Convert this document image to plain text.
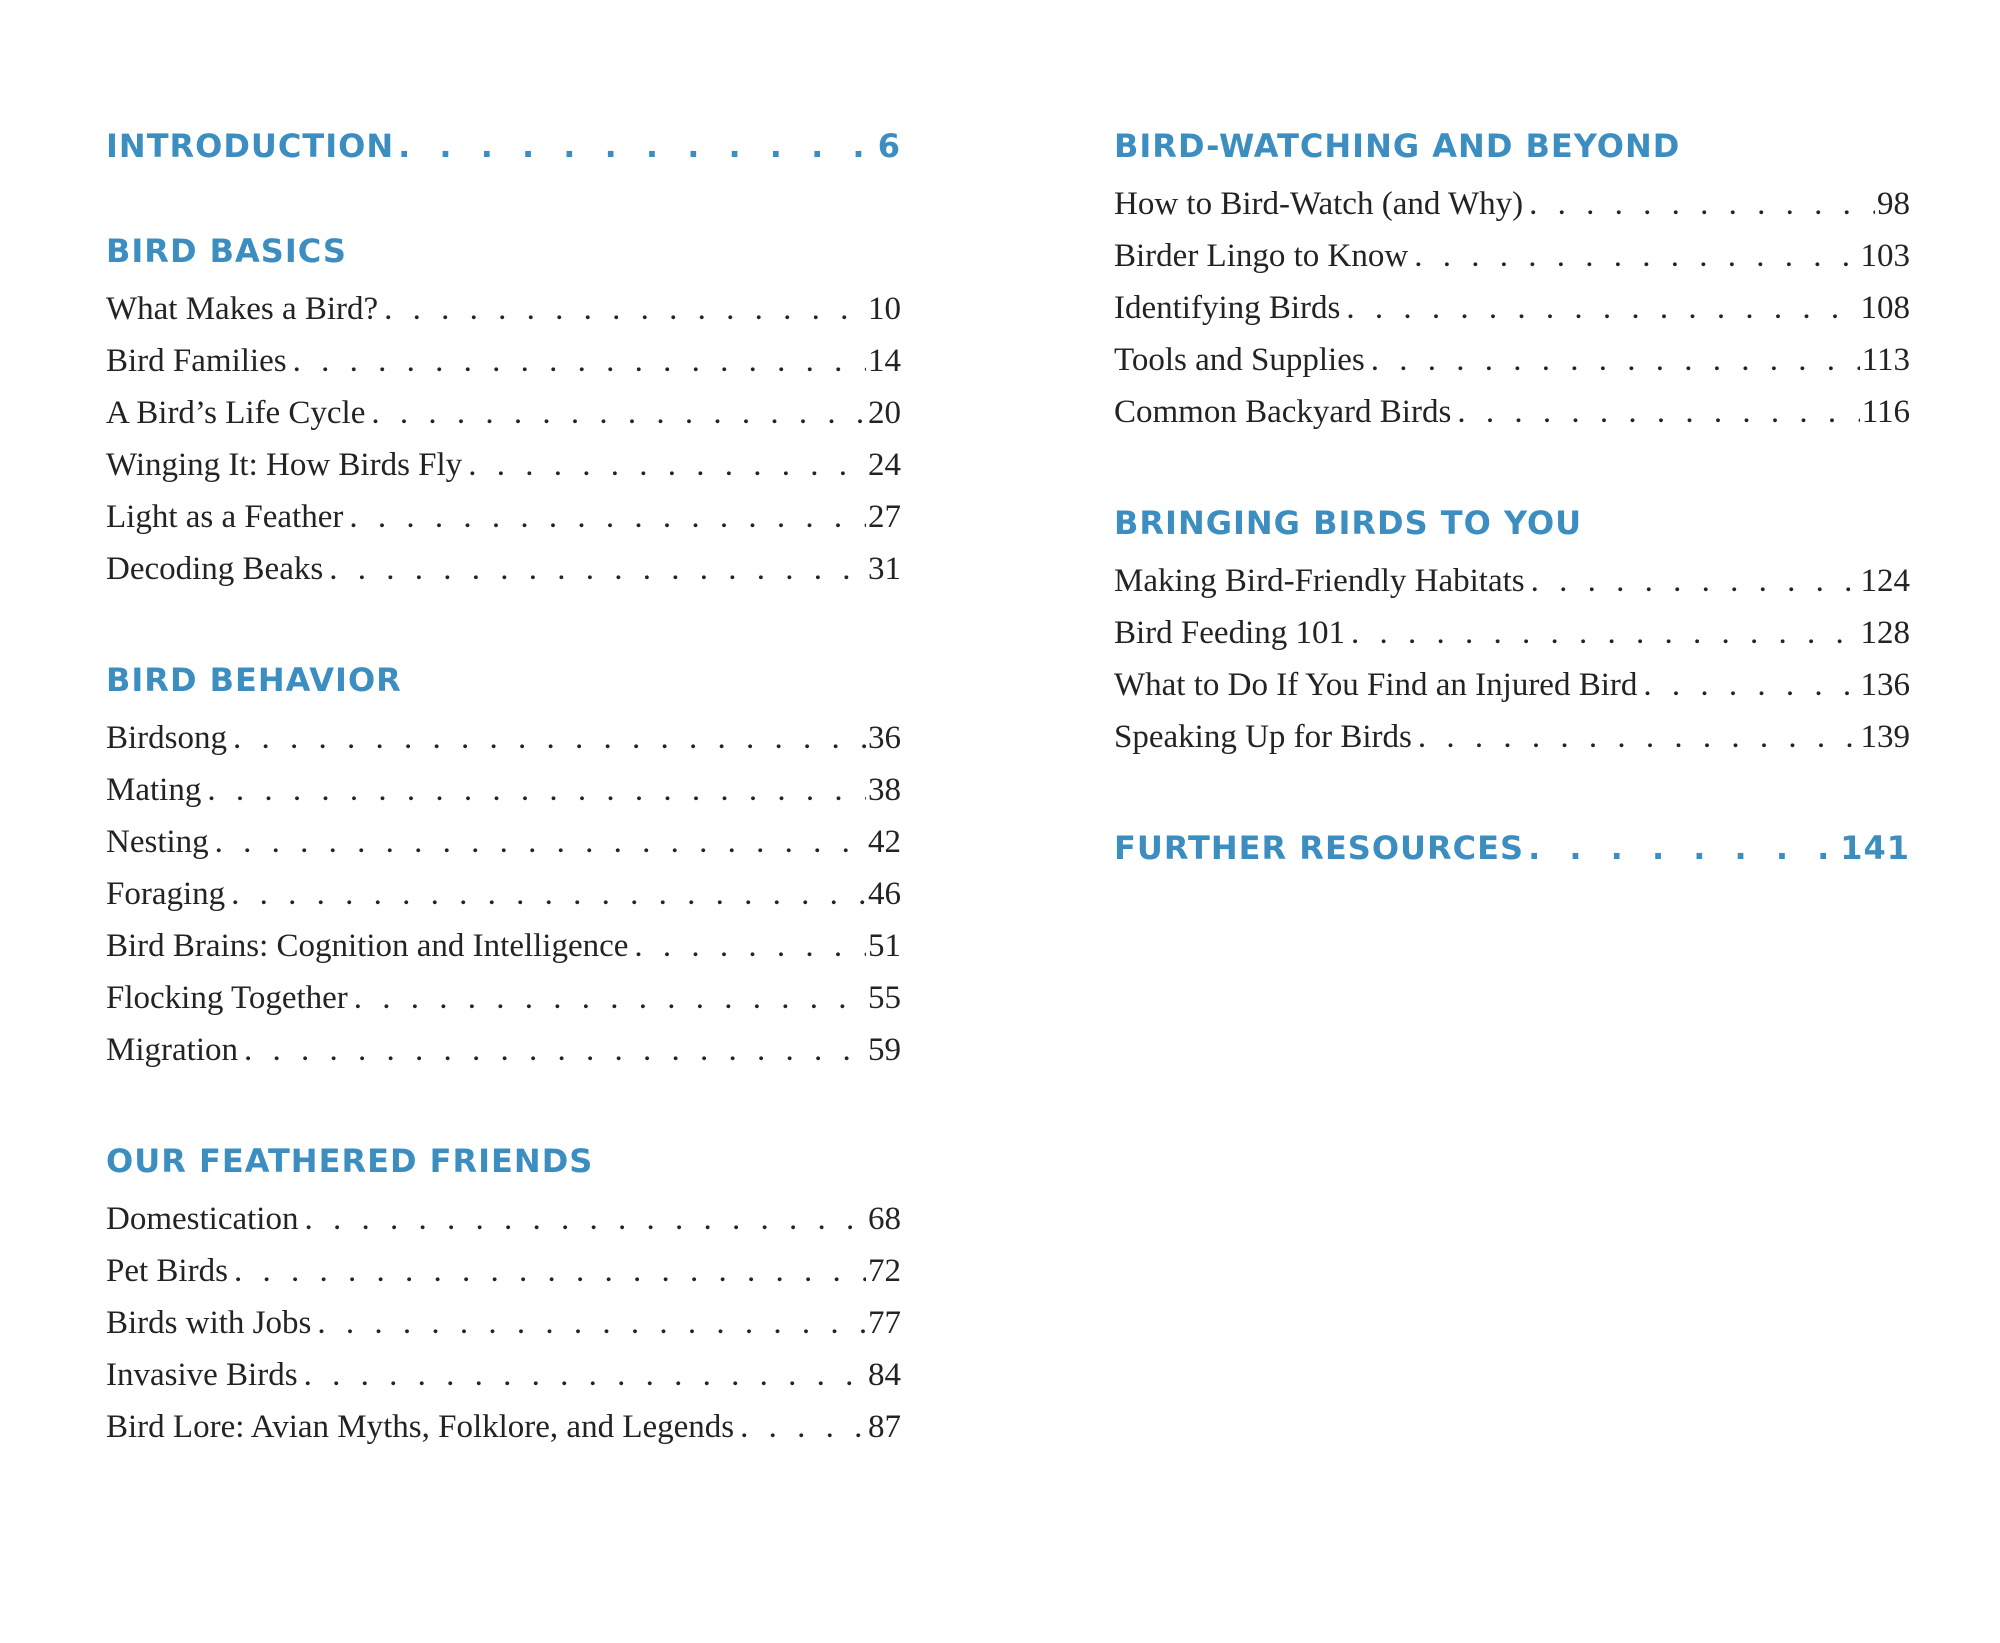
INTRODUCTION . . .	6
BIRD BASICS
What Makes a Bird? . . .	10
Bird Families . . .	14
A Bird’s Life Cycle . . .	20
Winging It: How Birds Fly . . .	24
Light as a Feather . . .	27
Decoding Beaks . . .	31
BIRD BEHAVIOR
Birdsong . . .	36
Mating . . .	38
Nesting . . .	42
Foraging . . .	46
Bird Brains: Cognition and Intelligence . . .	51
Flocking Together . . .	55
Migration . . .	59
OUR FEATHERED FRIENDS
Domestication . . .	68
Pet Birds . . .	72
Birds with Jobs . . .	77
Invasive Birds . . .	84
Bird Lore: Avian Myths, Folklore, and Legends . . .	87
BIRD-WATCHING AND BEYOND
How to Bird-Watch (and Why) . . .	98
Birder Lingo to Know . . .	103
Identifying Birds . . .	108
Tools and Supplies . . .	113
Common Backyard Birds . . .	116
BRINGING BIRDS TO YOU
Making Bird-Friendly Habitats . . .	124
Bird Feeding 101 . . .	128
What to Do If You Find an Injured Bird . . .	136
Speaking Up for Birds . . .	139
FURTHER RESOURCES . . .	141
